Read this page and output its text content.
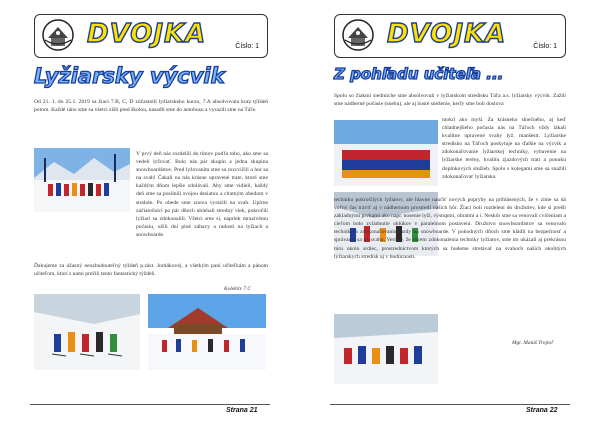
DVOJKA	Číslo: 1
Lyžiarsky výcvik

Od 21. 1. do 25.1. 2019 sa žiaci 7.B, C, D zúčastnili lyžiarskeho kurzu, 7.A absolvovala kurz týždeň potom. Každé ráno sme sa všetci zišli pred školou, nasadli sme do autobusu a vyrazili sme na Táľe.

V prvý deň nás rozdelili do tímov podľa toho, ako sme sa vedeli lyžovať. Bolo nás pár skupín a jedna skupina snowboardistov. Pred lyžovaním sme sa rozcvičili a hor sa na svah! Čakali na nás krásne upravené trate, ktoré sme každým dňom lepšie zdolávali. Aby sme vidieli, každý deň sme sa posilnili svojou desiatou a chutným obedom v stodole. Po obede sme znova vyrazili na svah. Upírne začiatočníci po pár dňoch ubiehali stredný vlek, pokročilí lyžiari sa zdokonalili. Všetci sme si, napriek mrazivému počasiu, užili dni plné zábavy a radosti na lyžiach a snowboarde.

Ďakujeme za úžasný neozbudnuteľný týždeň p.zást. Jordákovej, a všetkým pani učiteľkám a pánom učiteľom, ktorí s nami prežili tento fantastický týždeň.

Kolektív 7.C
Strana 21
DVOJKA	Číslo: 1
Z pohľadu učiteľa ...

Spolu so žiakmi siedmiche sme absolvovali v lyžiarskom stredisku Táľa a.s. lyžiarsky výcvik. Zažili sme nádherné počasie (snehu), ale aj husté sneženie, keďy sme boli doslova

mokrí ako myši. Za krásneho slnečného, aj keď chladnejšieho počasia nás na Táľoch vždy lákali kvalitne upravené svahy lyž. manšestr. Lyžiarske stredisko na Táľoch poskytuje na ďalšie na výcvik a zdokonaľovanie lyžiarskej techniky, vybavenie na lyžiarske terény, kvalitu zjazdových trati a ponuku doplnkových služieb. Spolu s kolegami sme sa snažili zdokonaľovať lyžiarsku

techniku pokročilých lyžiarov, ale hlavne naučiť nových popryby na prihlásených, že v zime sa dá voľný čas tráviť aj v nádhernom prostredí našich hôr. Žiaci boli rozdelení do družstiev, kde si prešli základnými prvkami ako napr. nosenie lyží, výstupmi, obratmi a i. Neskôr sme sa venovali cvičeniam a cieľom bolo zvládnutie oblúkov v paralelnom postavení. Družstvo snowboardistov sa venovalo technike a zdokonaľovaniu jazdy na snowboarde. V pohodných dňoch sme kládli na bezpečnosť a správanie sa na svahu. Veríme, že okrem zdokonalenia techniky lyžiarov, sme im ukázali aj prekrásnu túru okolo srdiec, prostredníctvom ktorých sa budeme stretávať na svahoch našich okolitých lyžiarskych stredísk aj v budúcnosti.

Mgr. Matúš Trojtoľ
Strana 22
